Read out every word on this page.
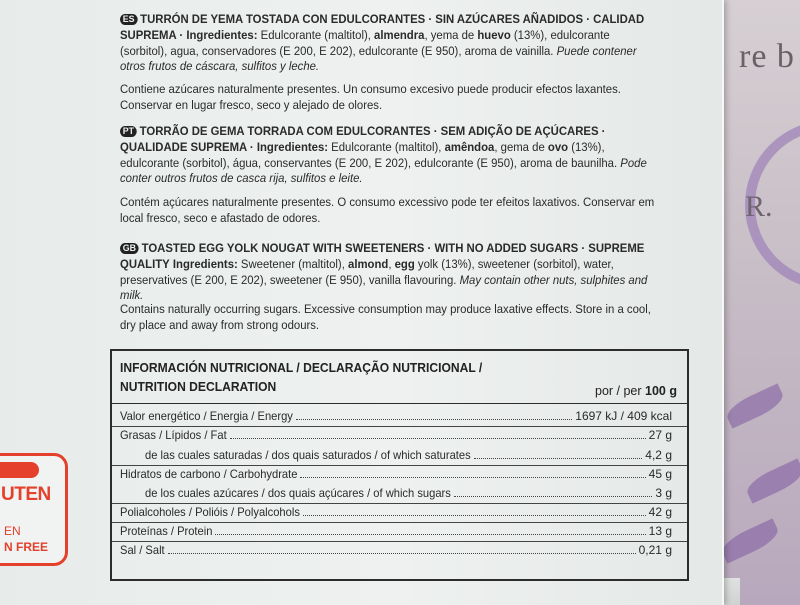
re b
R.
ES TURRÓN DE YEMA TOSTADA CON EDULCORANTES · SIN AZÚCARES AÑADIDOS · CALIDAD SUPREMA · Ingredientes: Edulcorante (maltitol), almendra, yema de huevo (13%), edulcorante (sorbitol), agua, conservadores (E 200, E 202), edulcorante (E 950), aroma de vainilla. Puede contener otros frutos de cáscara, sulfitos y leche.
Contiene azúcares naturalmente presentes. Un consumo excesivo puede producir efectos laxantes. Conservar en lugar fresco, seco y alejado de olores.
PT TORRÃO DE GEMA TORRADA COM EDULCORANTES · SEM ADIÇÃO DE AÇÚCARES · QUALIDADE SUPREMA · Ingredientes: Edulcorante (maltitol), amêndoa, gema de ovo (13%), edulcorante (sorbitol), água, conservantes (E 200, E 202), edulcorante (E 950), aroma de baunilha. Pode conter outros frutos de casca rija, sulfitos e leite.
Contém açúcares naturalmente presentes. O consumo excessivo pode ter efeitos laxativos. Conservar em local fresco, seco e afastado de odores.
GB TOASTED EGG YOLK NOUGAT WITH SWEETENERS · WITH NO ADDED SUGARS · SUPREME QUALITY Ingredients: Sweetener (maltitol), almond, egg yolk (13%), sweetener (sorbitol), water, preservatives (E 200, E 202), sweetener (E 950), vanilla flavouring. May contain other nuts, sulphites and milk.
Contains naturally occurring sugars. Excessive consumption may produce laxative effects. Store in a cool, dry place and away from strong odours.
INFORMACIÓN NUTRICIONAL / DECLARAÇÃO NUTRICIONAL /
NUTRITION DECLARATION	por / per 100 g
Valor energético / Energia / Energy	1697 kJ / 409 kcal
Grasas / Lípidos / Fat	27 g
de las cuales saturadas / dos quais saturados / of which saturates	4,2 g
Hidratos de carbono / Carbohydrate	45 g
de los cuales azúcares / dos quais açúcares / of which sugars	3 g
Polialcoholes / Polióis / Polyalcohols	42 g
Proteínas / Protein	13 g
Sal / Salt	0,21 g
UTEN
EN
N FREE
